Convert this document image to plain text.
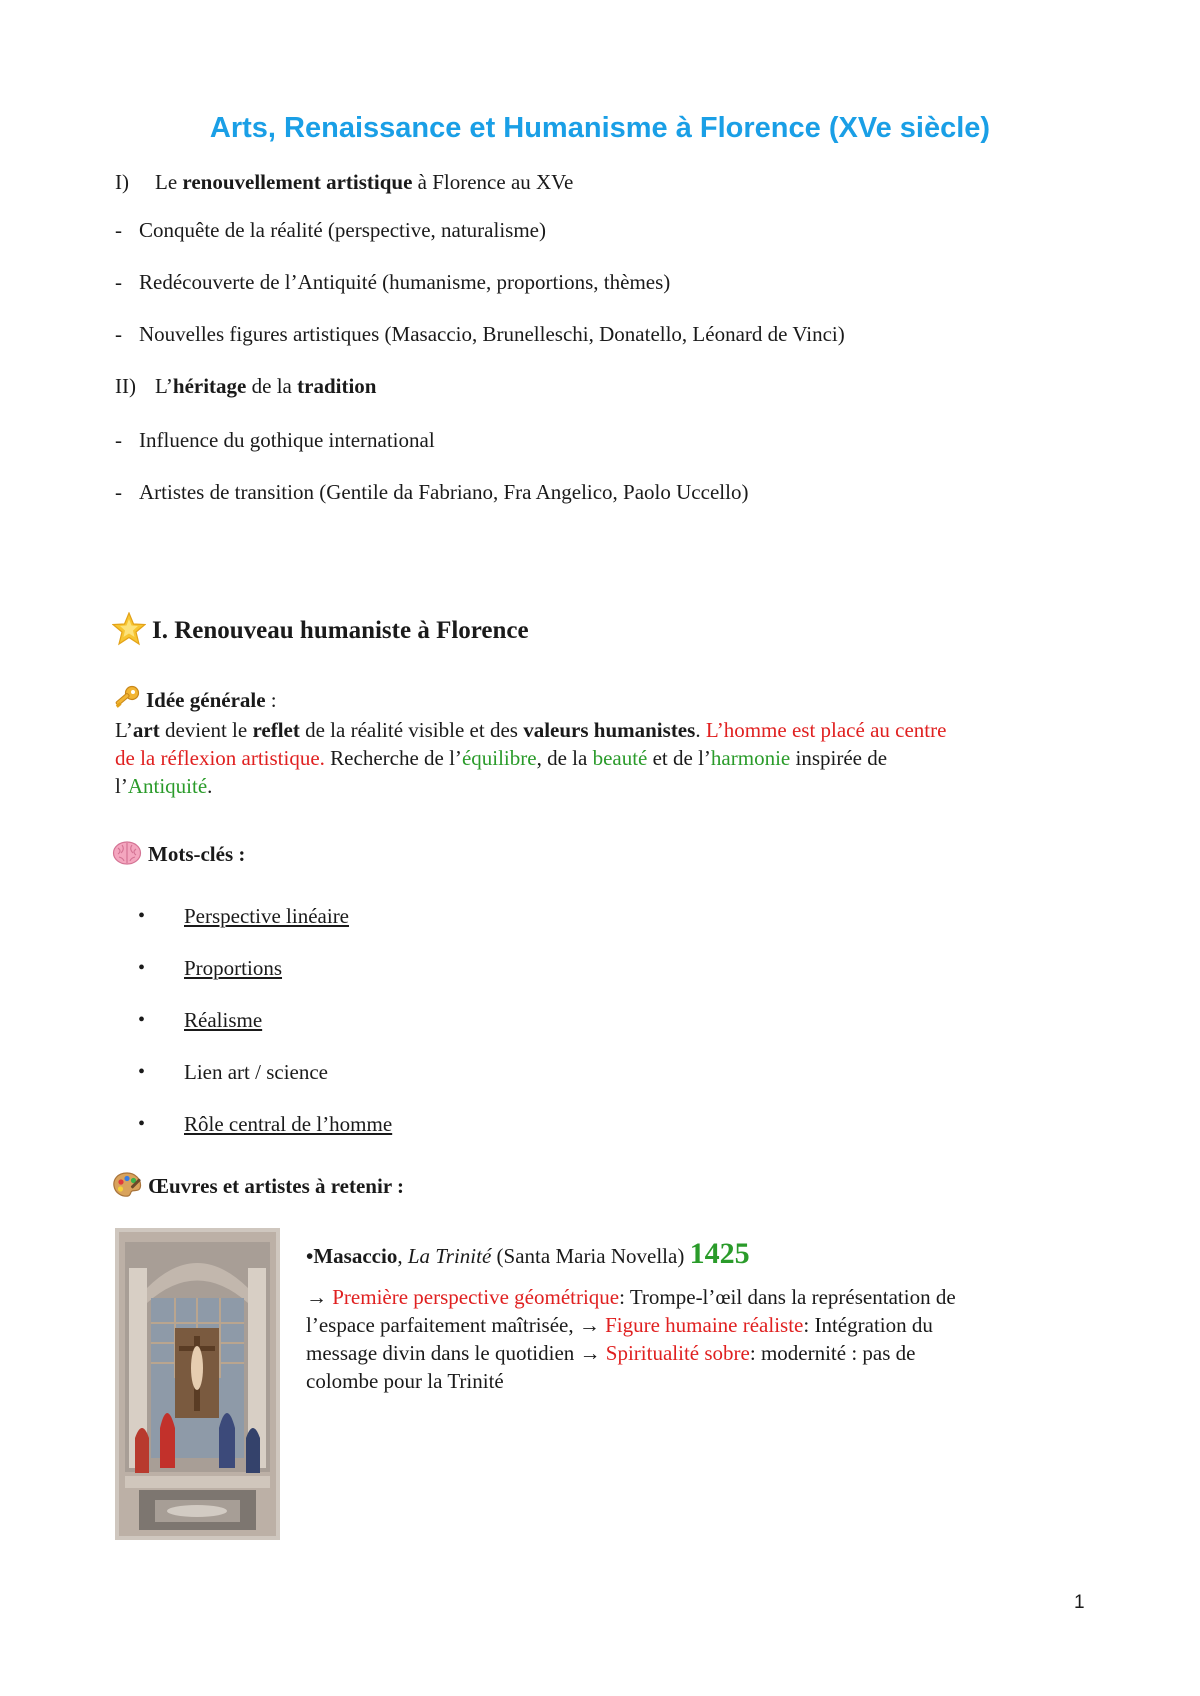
Arts, Renaissance et Humanisme à Florence (XVe siècle)
I) Le renouvellement artistique à Florence au XVe
- Conquête de la réalité (perspective, naturalisme)
- Redécouverte de l’Antiquité (humanisme, proportions, thèmes)
- Nouvelles figures artistiques (Masaccio, Brunelleschi, Donatello, Léonard de Vinci)
II) L’héritage de la tradition
- Influence du gothique international
- Artistes de transition (Gentile da Fabriano, Fra Angelico, Paolo Uccello)
I. Renouveau humaniste à Florence
Idée générale :
L’art devient le reflet de la réalité visible et des valeurs humanistes. L’homme est placé au centre
de la réflexion artistique. Recherche de l’équilibre, de la beauté et de l’harmonie inspirée de
l’Antiquité.
Mots-clés :
• Perspective linéaire
• Proportions
• Réalisme
• Lien art / science
• Rôle central de l’homme
Œuvres et artistes à retenir :
•Masaccio, La Trinité (Santa Maria Novella) 1425
→ Première perspective géométrique: Trompe-l’œil dans la représentation de
l’espace parfaitement maîtrisée, → Figure humaine réaliste: Intégration du
message divin dans le quotidien → Spiritualité sobre: modernité : pas de
colombe pour la Trinité
1
